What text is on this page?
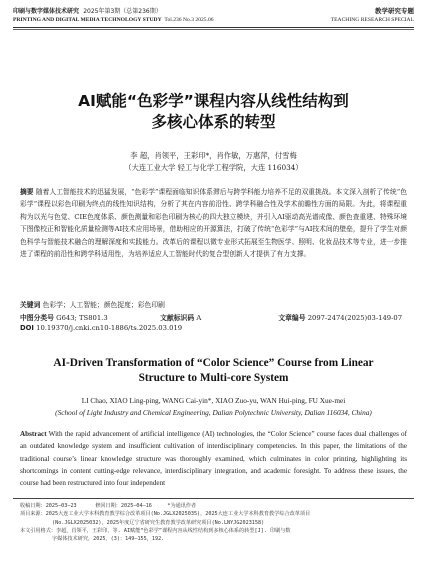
印刷与数字媒体技术研究 2025年第3期（总第236期）	教学研究专题
PRINTING AND DIGITAL MEDIA TECHNOLOGY STUDY Tol.236 No.3 2025.06	TEACHING RESEARCH SPECIAL
AI赋能“色彩学”课程内容从线性结构到
多核心体系的转型
李 超，肖领平，王彩印*，肖作敏，万惠萍，付雪梅
（大连工业大学 轻工与化学工程学院，大连 116034）
摘要 随着人工智能技术的迅猛发展，“色彩学”课程面临知识体系滞后与跨学科能力培养不足的双重挑战。本文深入剖析了传统“色彩学”课程以彩色印刷为终点的线性知识结构，分析了其在内容前沿性、跨学科融合性及学术前瞻性方面的局限。为此，将课程重构为以光与色觉、CIE色度体系、颜色测量和彩色印刷为核心的四大独立模块，并引入AI驱动高光谱成像、颜色查重建、特殊环境下图像校正和智能化质量检测等AI技术应用场景，借助相应的开源算法，打破了传统“色彩学”与AI技术间的壁垒，提升了学生对颜色科学与智能技术融合的理解深度和实践能力。改革后的课程以微专业形式拓展至生物医学、照明、化妆品技术等专业，进一步推进了课程的前沿性和跨学科适用性，为培养适应人工智能时代的复合型创新人才提供了有力支撑。
关键词 色彩学；人工智能；颜色捉度；彩色印刷
中图分类号 G643; TS801.3	文献标识码 A	文章编号 2097-2474(2025)03-149-07
DOI 10.19370/j.cnki.cn10-1886/ts.2025.03.019
AI-Driven Transformation of “Color Science” Course from Linear
Structure to Multi-core System
LI Chao, XIAO Ling-ping, WANG Cai-yin*, XIAO Zuo-yu, WAN Hui-ping, FU Xue-mei
(School of Light Industry and Chemical Engineering, Dalian Polytechnic University, Dalian 116034, China)
Abstract With the rapid advancement of artificial intelligence (AI) technologies, the “Color Science” course faces dual challenges of an outdated knowledge system and insufficient cultivation of interdisciplinary competencies. In this paper, the limitations of the traditional course’s linear knowledge structure was thoroughly examined, which culminates in color printing, highlighting its shortcomings in content cutting-edge relevance, interdisciplinary integration, and academic foresight. To address these issues, the course had been restructured into four independent
收稿日期：2025—03—23	修回日期：2025—04—16	*为通讯作者
项目来源：2025大连工业大学本科教育教学综合改革项目(No.JGLX2025035)，2025大连工业大学本科教育教学综合改革项目
(No.JGLX2025032)，2025年度辽宁省研究生教育教学改革研究项目(No.LNYJG2023158)
本文引用格式：李超，肖领平，王彩印，等. AI赋能“色彩学”课程内容从线性结构到多核心体系的转型[J]. 印刷与数
字媒体技术研究，2025，(3)：149—155，192.
